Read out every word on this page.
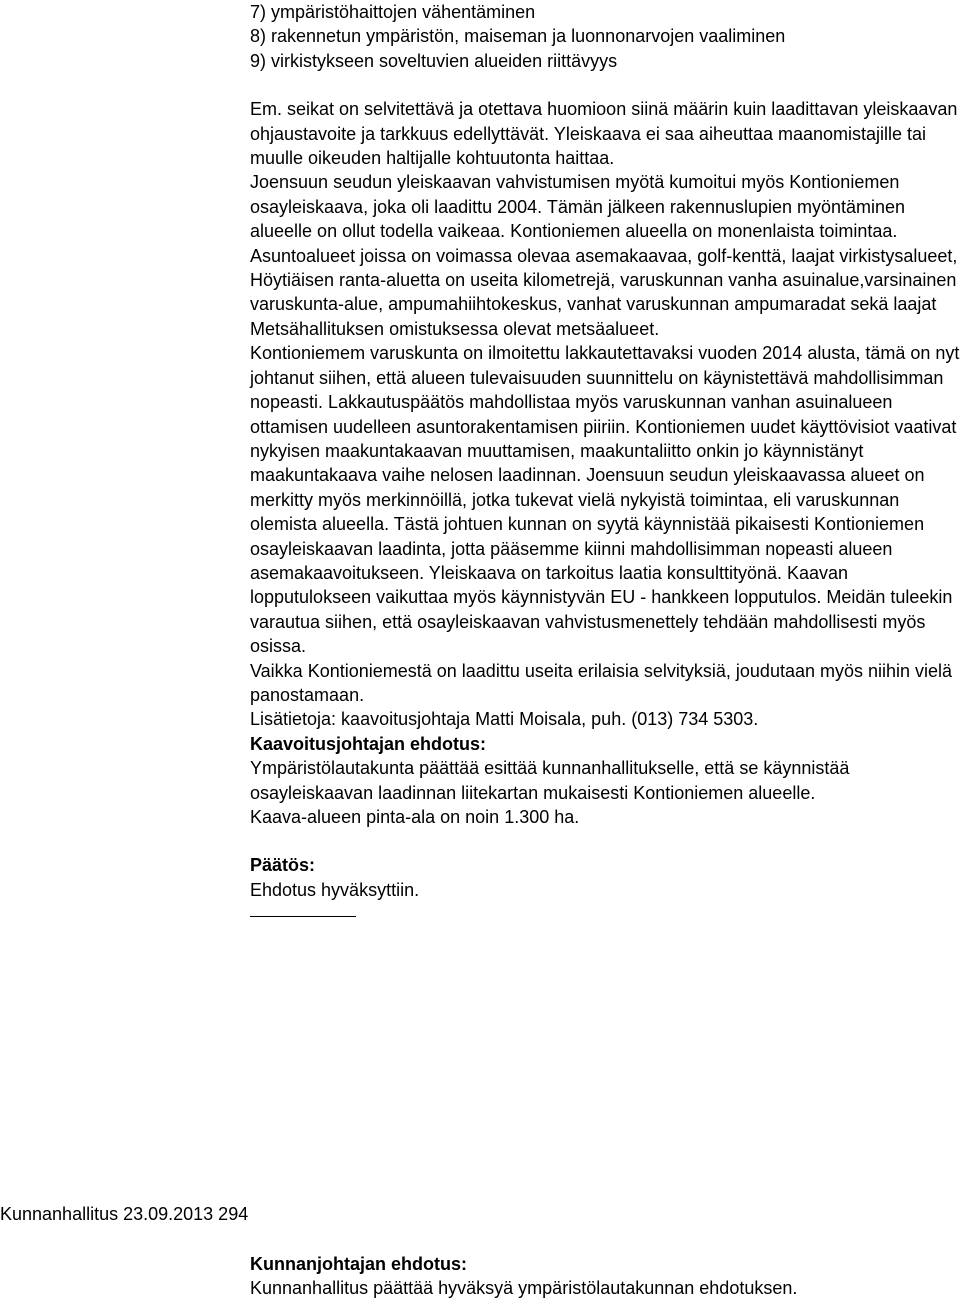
7) ympäristöhaittojen vähentäminen

8) rakennetun ympäristön, maiseman ja luonnonarvojen vaaliminen

9) virkistykseen soveltuvien alueiden riittävyys

Em. seikat on selvitettävä ja otettava huomioon siinä määrin kuin laadittavan yleiskaavan ohjaustavoite ja tarkkuus edellyttävät. Yleiskaava ei saa aiheuttaa maanomistajille tai muulle oikeuden haltijalle kohtuutonta haittaa.

Joensuun seudun yleiskaavan vahvistumisen myötä kumoitui myös Kontioniemen osayleiskaava, joka oli laadittu 2004. Tämän jälkeen rakennuslupien myöntäminen alueelle on ollut todella vaikeaa. Kontioniemen alueella on monenlaista toimintaa. Asuntoalueet joissa on voimassa olevaa asemakaavaa, golf-kenttä, laajat virkistysalueet, Höytiäisen ranta-aluetta on useita kilometrejä, varuskunnan vanha asuinalue,varsinainen varuskunta-alue, ampumahiihtokeskus, vanhat varuskunnan ampumaradat sekä laajat Metsähallituksen omistuksessa olevat metsäalueet.

Kontioniemem varuskunta on ilmoitettu lakkautettavaksi vuoden 2014 alusta, tämä on nyt johtanut siihen, että alueen tulevaisuuden suunnittelu on käynistettävä mahdollisimman nopeasti. Lakkautuspäätös mahdollistaa myös varuskunnan vanhan asuinalueen ottamisen uudelleen asuntorakentamisen piiriin. Kontioniemen uudet käyttövisiot vaativat nykyisen maakuntakaavan muuttamisen, maakuntaliitto onkin jo käynnistänyt maakuntakaava vaihe nelosen laadinnan. Joensuun seudun yleiskaavassa alueet on merkitty myös merkinnöillä, jotka tukevat vielä nykyistä toimintaa, eli varuskunnan olemista alueella. Tästä johtuen kunnan on syytä käynnistää pikaisesti Kontioniemen osayleiskaavan laadinta, jotta pääsemme kiinni mahdollisimman nopeasti alueen asemakaavoitukseen. Yleiskaava on tarkoitus laatia konsulttityönä. Kaavan lopputulokseen vaikuttaa myös käynnistyvän EU - hankkeen lopputulos. Meidän tuleekin varautua siihen, että osayleiskaavan vahvistusmenettely tehdään mahdollisesti myös osissa.

Vaikka Kontioniemestä on laadittu useita erilaisia selvityksiä, joudutaan myös niihin vielä panostamaan.

Lisätietoja: kaavoitusjohtaja Matti Moisala, puh. (013) 734 5303.

Kaavoitusjohtajan ehdotus:

Ympäristölautakunta päättää esittää kunnanhallitukselle, että se käynnistää osayleiskaavan laadinnan liitekartan mukaisesti Kontioniemen alueelle.

Kaava-alueen pinta-ala on noin 1.300 ha.

Päätös:

Ehdotus hyväksyttiin.

Kunnanhallitus 23.09.2013 294

Kunnanjohtajan ehdotus:

Kunnanhallitus päättää hyväksyä ympäristölautakunnan ehdotuksen.
